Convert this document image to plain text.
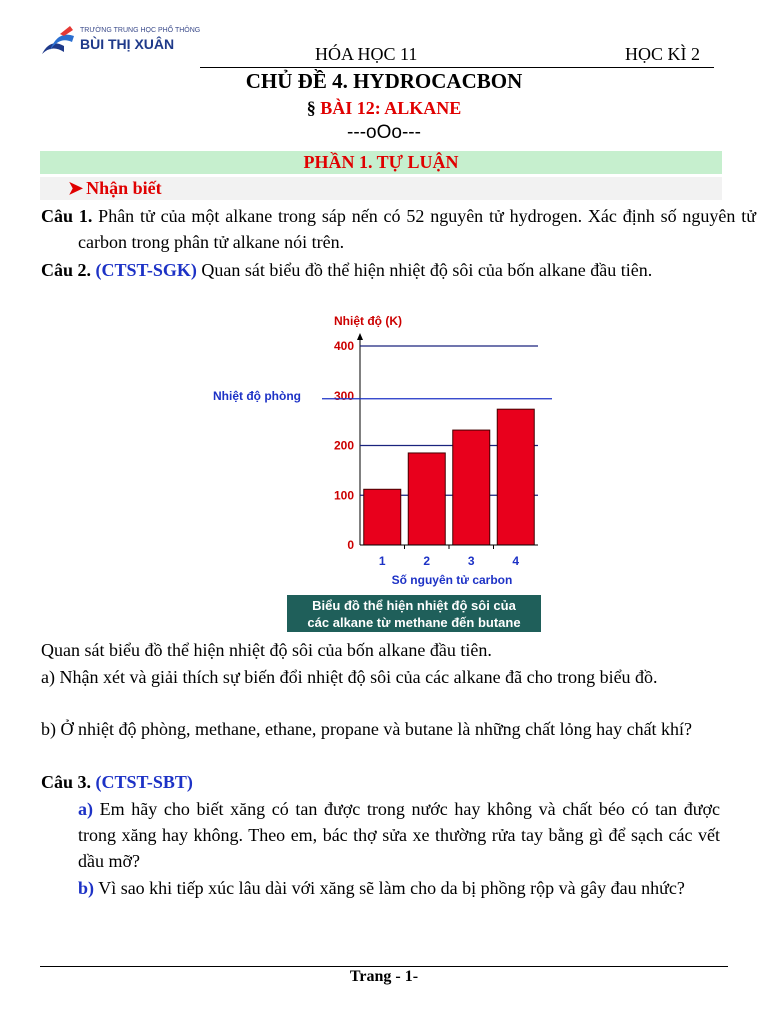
TRƯỜNG TRUNG HỌC PHỔ THÔNG
BÙI THỊ XUÂN	HÓA HỌC 11	HỌC KÌ 2
CHỦ ĐỀ 4. HYDROCACBON
§ BÀI 12: ALKANE
---oOo---
PHẦN 1. TỰ LUẬN
➤ Nhận biết
Câu 1. Phân tử của một alkane trong sáp nến có 52 nguyên tử hydrogen. Xác định số nguyên tử carbon trong phân tử alkane nói trên.
Câu 2. (CTST-SGK) Quan sát biểu đồ thể hiện nhiệt độ sôi của bốn alkane đầu tiên.
Nhiệt độ (K)
0
100
200
300
400
1	2	3	4
Nhiệt độ phòng
Số nguyên tử carbon
Biểu đồ thể hiện nhiệt độ sôi của
các alkane từ methane đến butane
Quan sát biểu đồ thể hiện nhiệt độ sôi của bốn alkane đầu tiên.
a) Nhận xét và giải thích sự biến đổi nhiệt độ sôi của các alkane đã cho trong biểu đồ.
b) Ở nhiệt độ phòng, methane, ethane, propane và butane là những chất lỏng hay chất khí?
Câu 3. (CTST-SBT)
a) Em hãy cho biết xăng có tan được trong nước hay không và chất béo có tan được trong xăng hay không. Theo em, bác thợ sửa xe thường rửa tay bằng gì để sạch các vết dầu mỡ?
b) Vì sao khi tiếp xúc lâu dài với xăng sẽ làm cho da bị phồng rộp và gây đau nhức?
Trang - 1-
